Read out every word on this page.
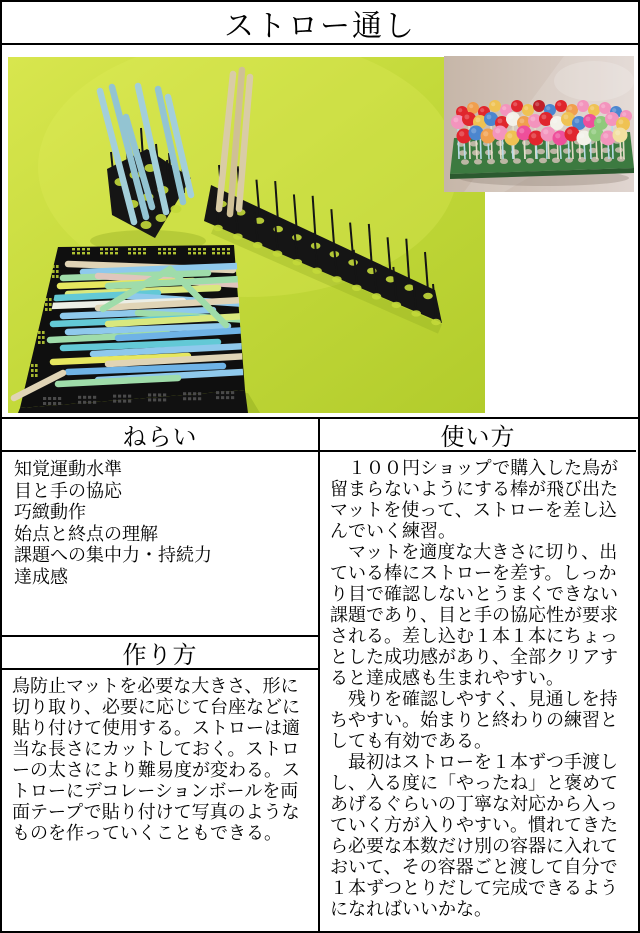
ストロー通し
ねらい
知覚運動水準
目と手の協応
巧緻動作
始点と終点の理解
課題への集中力・持続力
達成感
作り方

鳥防止マットを必要な大きさ、形に切り取り、必要に応じて台座などに貼り付けて使用する。ストローは適当な長さにカットしておく。ストローの太さにより難易度が変わる。ストローにデコレーションボールを両面テープで貼り付けて写真のようなものを作っていくこともできる。

使い方

　１００円ショップで購入した鳥が留まらないようにする棒が飛び出たマットを使って、ストローを差し込んでいく練習。

　マットを適度な大きさに切り、出ている棒にストローを差す。しっかり目で確認しないとうまくできない課題であり、目と手の協応性が要求される。差し込む１本１本にちょっとした成功感があり、全部クリアすると達成感も生まれやすい。

　残りを確認しやすく、見通しを持ちやすい。始まりと終わりの練習としても有効である。

　最初はストローを１本ずつ手渡しし、入る度に「やったね」と褒めてあげるぐらいの丁寧な対応から入っていく方が入りやすい。慣れてきたら必要な本数だけ別の容器に入れておいて、その容器ごと渡して自分で１本ずつとりだして完成できるようになればいいかな。
